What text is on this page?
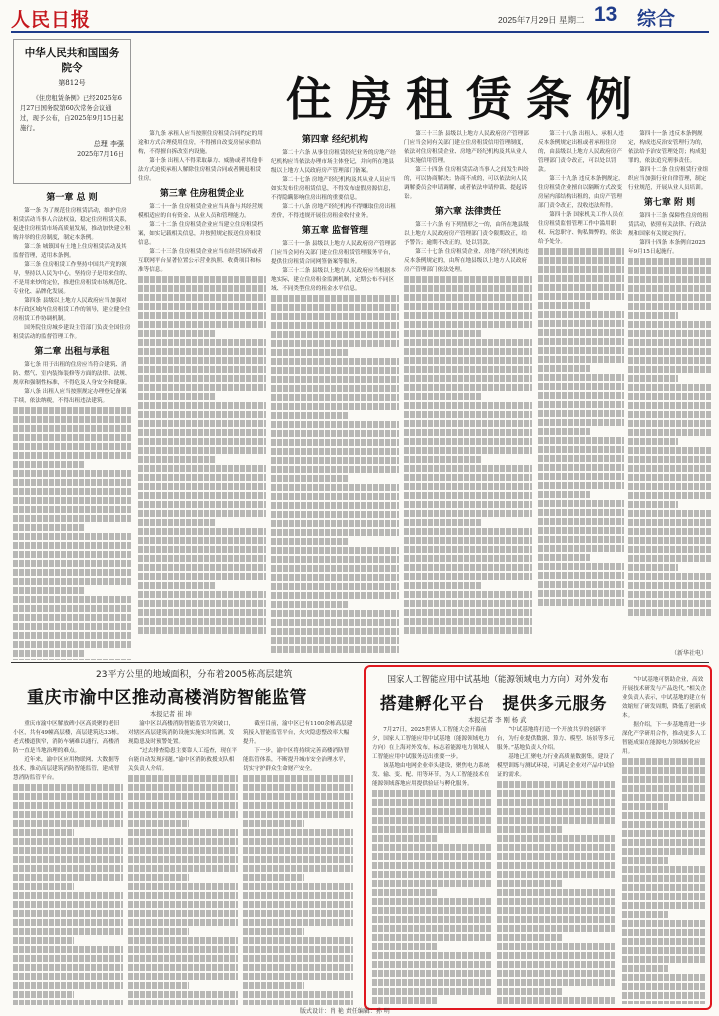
人民日报	2025年7月29日 星期二 13 综合
中华人民共和国国务院令
第812号
《住房租赁条例》已经2025年6月27日国务院第60次常务会议通过，现予公布，自2025年9月15日起施行。
总理 李强
2025年7月16日
住房租赁条例
第一章 总 则

第一条 为了规范住房租赁活动，维护住房租赁活动当事人合法权益，稳定住房租赁关系，促进住房租赁市场高质量发展，推动加快建立租购并举的住房制度，制定本条例。

第二条 城镇国有土地上住房租赁活动及其监督管理，适用本条例。

第三条 住房租赁工作坚持中国共产党的领导，坚持以人民为中心，坚持房子是用来住的、不是用来炒的定位，推进住房租赁市场规范化、专业化、品牌化发展。

第四条 县级以上地方人民政府应当加强对本行政区域内住房租赁工作的领导，建立健全住房租赁工作协调机制。

国务院住房城乡建设主管部门负责全国住房租赁活动的监督管理工作。

第二章 出租与承租

第七条 用于出租的住房应当符合建筑、消防、燃气、室内装饰装修等方面的法律、法规、规章和强制性标准，不得危及人身安全和健康。

第八条 出租人应当按照规定办理登记备案手续，依法纳税，不得出租违法建筑。

第九条 承租人应当按照住房租赁合同约定的用途和方式合理使用住房，不得擅自改变房屋承重结构，不得擅自拆改室内设施。

第十条 出租人不得采取暴力、威胁或者其他非法方式迫使承租人解除住房租赁合同或者腾退租赁住房。

第三章 住房租赁企业

第二十一条 住房租赁企业应当具备与其经营规模相适应的自有资金、从业人员和管理能力。

第二十二条 住房租赁企业应当建立住房租赁档案，如实记载相关信息，并按照规定报送住房租赁信息。

第二十三条 住房租赁企业应当在经营场所或者互联网平台显著位置公示营业执照、收费项目和标准等信息。

第四章 经纪机构

第二十六条 从事住房租赁经纪业务的房地产经纪机构应当依法办理市场主体登记，并向所在地县级以上地方人民政府房产管理部门备案。

第二十七条 房地产经纪机构及其从业人员应当如实发布住房租赁信息，不得发布虚假房源信息，不得隐瞒影响住房出租的重要信息。

第二十八条 房地产经纪机构不得赚取住房出租差价，不得违规开展住房租金收付业务。

第五章 监督管理

第三十一条 县级以上地方人民政府房产管理部门应当会同有关部门建立住房租赁管理服务平台，提供住房租赁合同网签备案等服务。

第三十二条 县级以上地方人民政府应当根据本地实际，建立住房租金监测机制，定期公布不同区域、不同类型住房的租金水平信息。

第三十三条 县级以上地方人民政府房产管理部门应当会同有关部门建立住房租赁信用管理制度，依法对住房租赁企业、房地产经纪机构及其从业人员实施信用管理。

第三十四条 住房租赁活动当事人之间发生纠纷的，可以协商解决；协商不成的，可以依法向人民调解委员会申请调解，或者依法申请仲裁、提起诉讼。

第六章 法律责任

第三十六条 有下列情形之一的，由所在地县级以上地方人民政府房产管理部门责令限期改正，给予警告；逾期不改正的，处以罚款。

第三十七条 住房租赁企业、房地产经纪机构违反本条例规定的，由所在地县级以上地方人民政府房产管理部门依法处理。

第三十八条 出租人、承租人违反本条例规定出租或者承租住房的，由县级以上地方人民政府房产管理部门责令改正，可以处以罚款。

第三十九条 违反本条例规定，住房租赁企业擅自以隔断方式改变房屋内部结构出租的，由房产管理部门责令改正，没收违法所得。

第四十条 国家机关工作人员在住房租赁监督管理工作中滥用职权、玩忽职守、徇私舞弊的，依法给予处分。

第四十一条 违反本条例规定，构成违反治安管理行为的，依法给予治安管理处罚；构成犯罪的，依法追究刑事责任。

第四十二条 住房租赁行业组织应当加强行业自律管理，制定行业规范，开展从业人员培训。

第七章 附 则

第四十三条 保障性住房的租赁活动，依照有关法律、行政法规和国家有关规定执行。

第四十四条 本条例自2025年9月15日起施行。

（新华社电）
23平方公里的地域面积，分布着2005栋高层建筑
重庆市渝中区推动高楼消防智能监管
本报记者 崔 坤

重庆市渝中区解放碑小区高炎聚的老旧小区，共有49幢高层楼，高层建筑达33栋。老式楼道狭窄，消防车辆难以通行，高楼消防一直是当地治理的难点。

近年来，渝中区应用物联网、大数据等技术，推动高层建筑消防智能监管，建成智慧消防监管平台。

渝中区以高楼消防智能监管为突破口，对辖区高层建筑消防设施实施实时监测，发现隐患及时预警处置。

“过去排查隐患主要靠人工巡查，现在平台能自动发现问题。”渝中区消防救援支队相关负责人介绍。

截至目前，渝中区已有1100余栋高层建筑接入智能监管平台，火灾隐患整改率大幅提升。

下一步，渝中区将持续完善高楼消防智能监管体系，不断提升城市安全治理水平，切实守护群众生命财产安全。

国家人工智能应用中试基地（能源领域电力方向）对外发布
搭建孵化平台　提供多元服务
本报记者 李 刚 杨 武

7月27日，2025世界人工智能大会开幕前夕，国家人工智能应用中试基地（能源领域电力方向）在上海对外发布，标志着能源电力领域人工智能应用中试服务迈出重要一步。

该基地由电网企业牵头建设，聚焦电力系统发、输、变、配、用等环节，为人工智能技术在能源领域落地应用提供验证与孵化服务。

“中试基地将打造一个开放共享的创新平台，为行业提供数据、算力、模型、场景等多元服务。”基地负责人介绍。

基地已汇聚电力行业高质量数据集，建设了模型训练与测试环境，可满足企业对产品中试验证的需求。

“中试基地可帮助企业，高效开展技术研发与产品迭代。”相关企业负责人表示，中试基地的建立有效缩短了研发周期，降低了创新成本。

据介绍，下一步基地将进一步深化产学研用合作，推动更多人工智能成果在能源电力领域转化应用。

版式设计：肖 艳 责任编辑：孙 明
